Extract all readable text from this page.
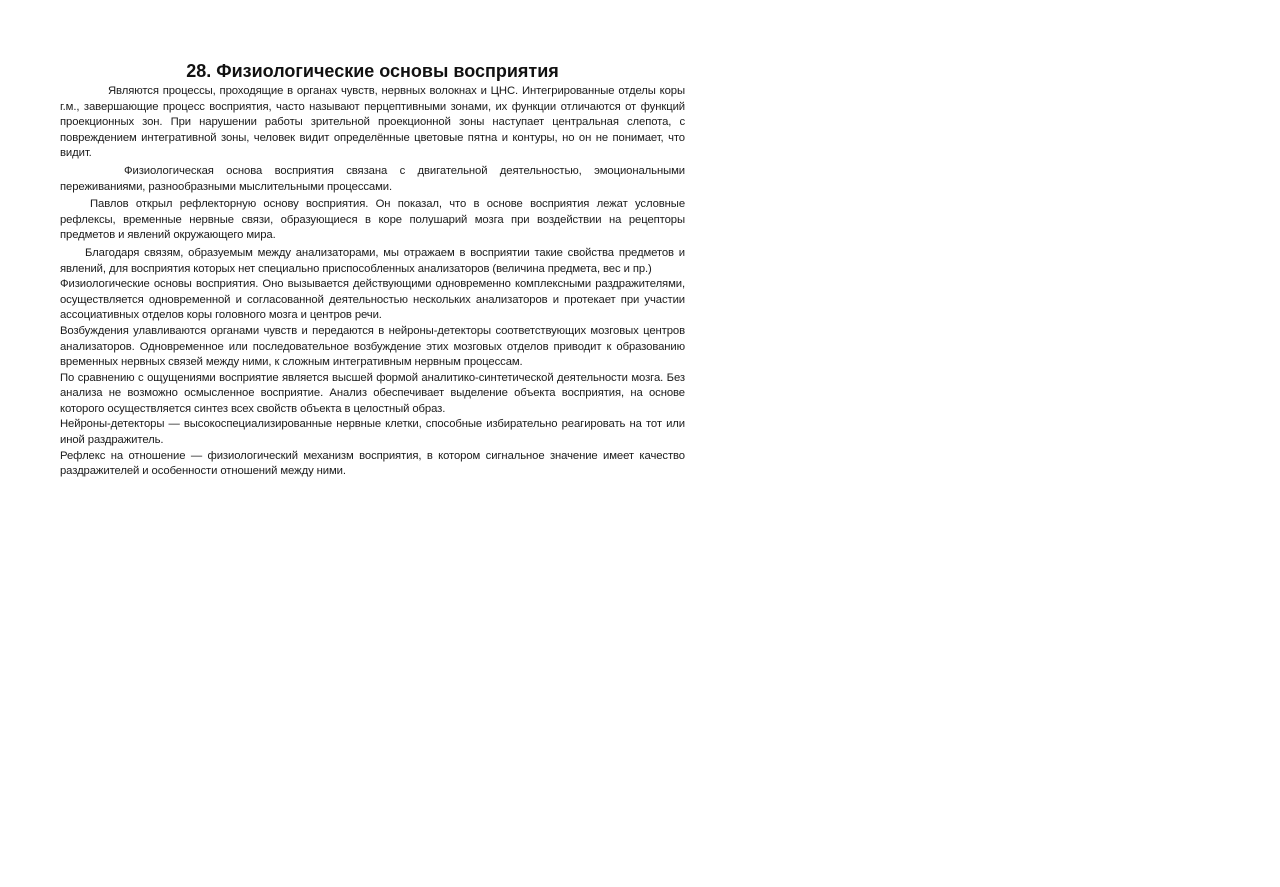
28. Физиологические основы восприятия

Являются процессы, проходящие в органах чувств, нервных волокнах и ЦНС. Интегрированные отделы коры г.м., завершающие процесс восприятия, часто называют перцептивными зонами, их функции отличаются от функций проекционных зон. При нарушении работы зрительной проекционной зоны наступает центральная слепота, с повреждением интегративной зоны, человек видит определённые цветовые пятна и контуры, но он не понимает, что видит.

Физиологическая основа восприятия связана с двигательной деятельностью, эмоциональными переживаниями, разнообразными мыслительными процессами.

Павлов открыл рефлекторную основу восприятия. Он показал, что в основе восприятия лежат условные рефлексы, временные нервные связи, образующиеся в коре полушарий мозга при воздействии на рецепторы предметов и явлений окружающего мира.

Благодаря связям, образуемым между анализаторами, мы отражаем в восприятии такие свойства предметов и явлений, для восприятия которых нет специально приспособленных анализаторов (величина предмета, вес и пр.)

Физиологические основы восприятия. Оно вызывается действующими одновременно комплексными раздражителями, осуществляется одновременной и согласованной деятельностью нескольких анализаторов и протекает при участии ассоциативных отделов коры головного мозга и центров речи.

Возбуждения улавливаются органами чувств и передаются в нейроны-детекторы соответствующих мозговых центров анализаторов. Одновременное или последовательное возбуждение этих мозговых отделов приводит к образованию временных нервных связей между ними, к сложным интегративным нервным процессам.

По сравнению с ощущениями восприятие является высшей формой аналитико-синтетической деятельности мозга. Без анализа не возможно осмысленное восприятие. Анализ обеспечивает выделение объекта восприятия, на основе которого осуществляется синтез всех свойств объекта в целостный образ.

Нейроны-детекторы — высокоспециализированные нервные клетки, способные избирательно реагировать на тот или иной раздражитель.

Рефлекс на отношение — физиологический механизм восприятия, в котором сигнальное значение имеет качество раздражителей и особенности отношений между ними.
